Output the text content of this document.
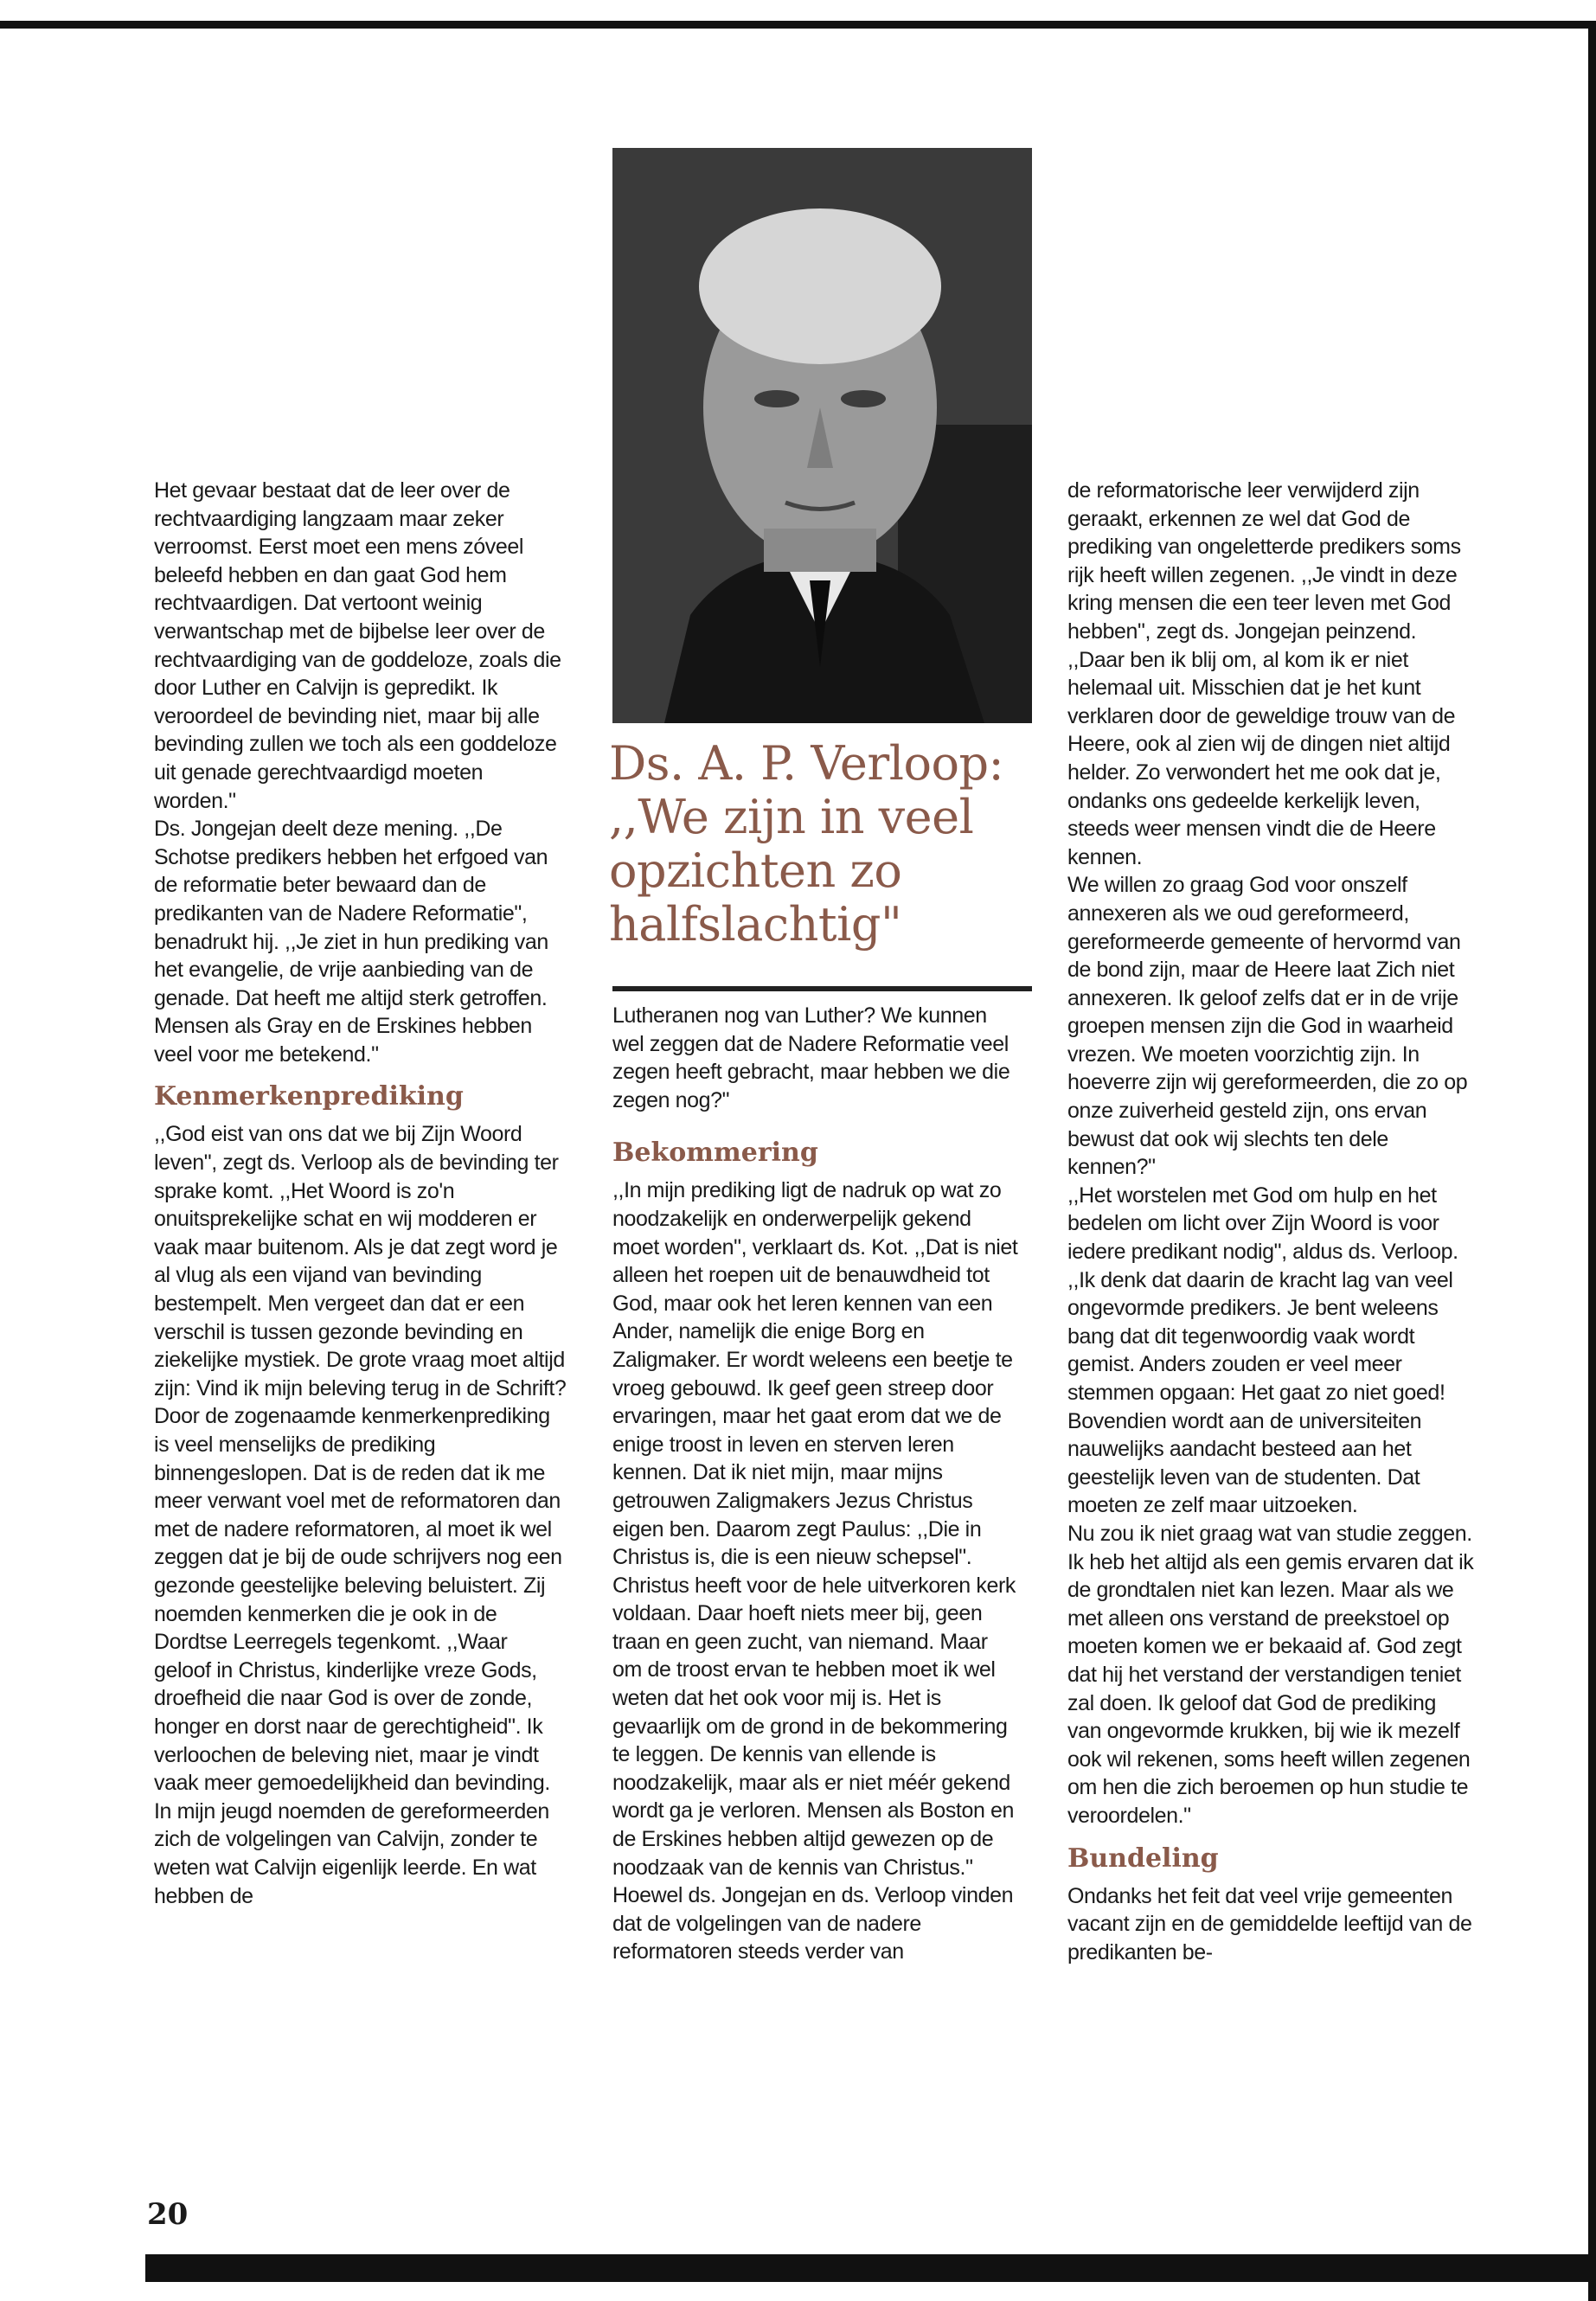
Het gevaar bestaat dat de leer over de rechtvaardiging langzaam maar zeker verroomst. Eerst moet een mens zóveel beleefd hebben en dan gaat God hem rechtvaardigen. Dat vertoont weinig verwantschap met de bijbelse leer over de rechtvaardiging van de goddeloze, zoals die door Luther en Calvijn is gepredikt. Ik veroordeel de bevinding niet, maar bij alle bevinding zullen we toch als een goddeloze uit genade gerechtvaardigd moeten worden."

Ds. Jongejan deelt deze mening. ,,De Schotse predikers hebben het erfgoed van de reformatie beter bewaard dan de predikanten van de Nadere Reformatie", benadrukt hij. ,,Je ziet in hun prediking van het evangelie, de vrije aanbieding van de genade. Dat heeft me altijd sterk getroffen. Mensen als Gray en de Erskines hebben veel voor me betekend."

Kenmerkenprediking

,,God eist van ons dat we bij Zijn Woord leven", zegt ds. Verloop als de bevinding ter sprake komt. ,,Het Woord is zo'n onuitsprekelijke schat en wij modderen er vaak maar buitenom. Als je dat zegt word je al vlug als een vijand van bevinding bestempelt. Men vergeet dan dat er een verschil is tussen gezonde bevinding en ziekelijke mystiek. De grote vraag moet altijd zijn: Vind ik mijn beleving terug in de Schrift?

Door de zogenaamde kenmerkenprediking is veel menselijks de prediking binnengeslopen. Dat is de reden dat ik me meer verwant voel met de reformatoren dan met de nadere reformatoren, al moet ik wel zeggen dat je bij de oude schrijvers nog een gezonde geestelijke beleving beluistert. Zij noemden kenmerken die je ook in de Dordtse Leerregels tegenkomt. ,,Waar geloof in Christus, kinderlijke vreze Gods, droefheid die naar God is over de zonde, honger en dorst naar de gerechtigheid". Ik verloochen de beleving niet, maar je vindt vaak meer gemoedelijkheid dan bevinding.

In mijn jeugd noemden de gereformeerden zich de volgelingen van Calvijn, zonder te weten wat Calvijn eigenlijk leerde. En wat hebben de

Ds. A. P. Verloop:

,,We zijn in veel

opzichten zo

halfslachtig"

Lutheranen nog van Luther? We kunnen wel zeggen dat de Nadere Reformatie veel zegen heeft gebracht, maar hebben we die zegen nog?"

Bekommering

,,In mijn prediking ligt de nadruk op wat zo noodzakelijk en onderwerpelijk gekend moet worden", verklaart ds. Kot. ,,Dat is niet alleen het roepen uit de benauwdheid tot God, maar ook het leren kennen van een Ander, namelijk die enige Borg en Zaligmaker. Er wordt weleens een beetje te vroeg gebouwd. Ik geef geen streep door ervaringen, maar het gaat erom dat we de enige troost in leven en sterven leren kennen. Dat ik niet mijn, maar mijns getrouwen Zaligmakers Jezus Christus eigen ben. Daarom zegt Paulus: ,,Die in Christus is, die is een nieuw schepsel".

Christus heeft voor de hele uitverkoren kerk voldaan. Daar hoeft niets meer bij, geen traan en geen zucht, van niemand. Maar om de troost ervan te hebben moet ik wel weten dat het ook voor mij is. Het is gevaarlijk om de grond in de bekommering te leggen. De kennis van ellende is noodzakelijk, maar als er niet méér gekend wordt ga je verloren. Mensen als Boston en de Erskines hebben altijd gewezen op de noodzaak van de kennis van Christus."

Hoewel ds. Jongejan en ds. Verloop vinden dat de volgelingen van de nadere reformatoren steeds verder van

de reformatorische leer verwijderd zijn geraakt, erkennen ze wel dat God de prediking van ongeletterde predikers soms rijk heeft willen zegenen. ,,Je vindt in deze kring mensen die een teer leven met God hebben", zegt ds. Jongejan peinzend. ,,Daar ben ik blij om, al kom ik er niet helemaal uit. Misschien dat je het kunt verklaren door de geweldige trouw van de Heere, ook al zien wij de dingen niet altijd helder. Zo verwondert het me ook dat je, ondanks ons gedeelde kerkelijk leven, steeds weer mensen vindt die de Heere kennen.

We willen zo graag God voor onszelf annexeren als we oud gereformeerd, gereformeerde gemeente of hervormd van de bond zijn, maar de Heere laat Zich niet annexeren. Ik geloof zelfs dat er in de vrije groepen mensen zijn die God in waarheid vrezen. We moeten voorzichtig zijn. In hoeverre zijn wij gereformeerden, die zo op onze zuiverheid gesteld zijn, ons ervan bewust dat ook wij slechts ten dele kennen?"

,,Het worstelen met God om hulp en het bedelen om licht over Zijn Woord is voor iedere predikant nodig", aldus ds. Verloop. ,,Ik denk dat daarin de kracht lag van veel ongevormde predikers. Je bent weleens bang dat dit tegenwoordig vaak wordt gemist. Anders zouden er veel meer stemmen opgaan: Het gaat zo niet goed! Bovendien wordt aan de universiteiten nauwelijks aandacht besteed aan het geestelijk leven van de studenten. Dat moeten ze zelf maar uitzoeken.

Nu zou ik niet graag wat van studie zeggen. Ik heb het altijd als een gemis ervaren dat ik de grondtalen niet kan lezen. Maar als we met alleen ons verstand de preekstoel op moeten komen we er bekaaid af. God zegt dat hij het verstand der verstandigen teniet zal doen. Ik geloof dat God de prediking van ongevormde krukken, bij wie ik mezelf ook wil rekenen, soms heeft willen zegenen om hen die zich beroemen op hun studie te veroordelen."

Bundeling

Ondanks het feit dat veel vrije gemeenten vacant zijn en de gemiddelde leeftijd van de predikanten be-

20
